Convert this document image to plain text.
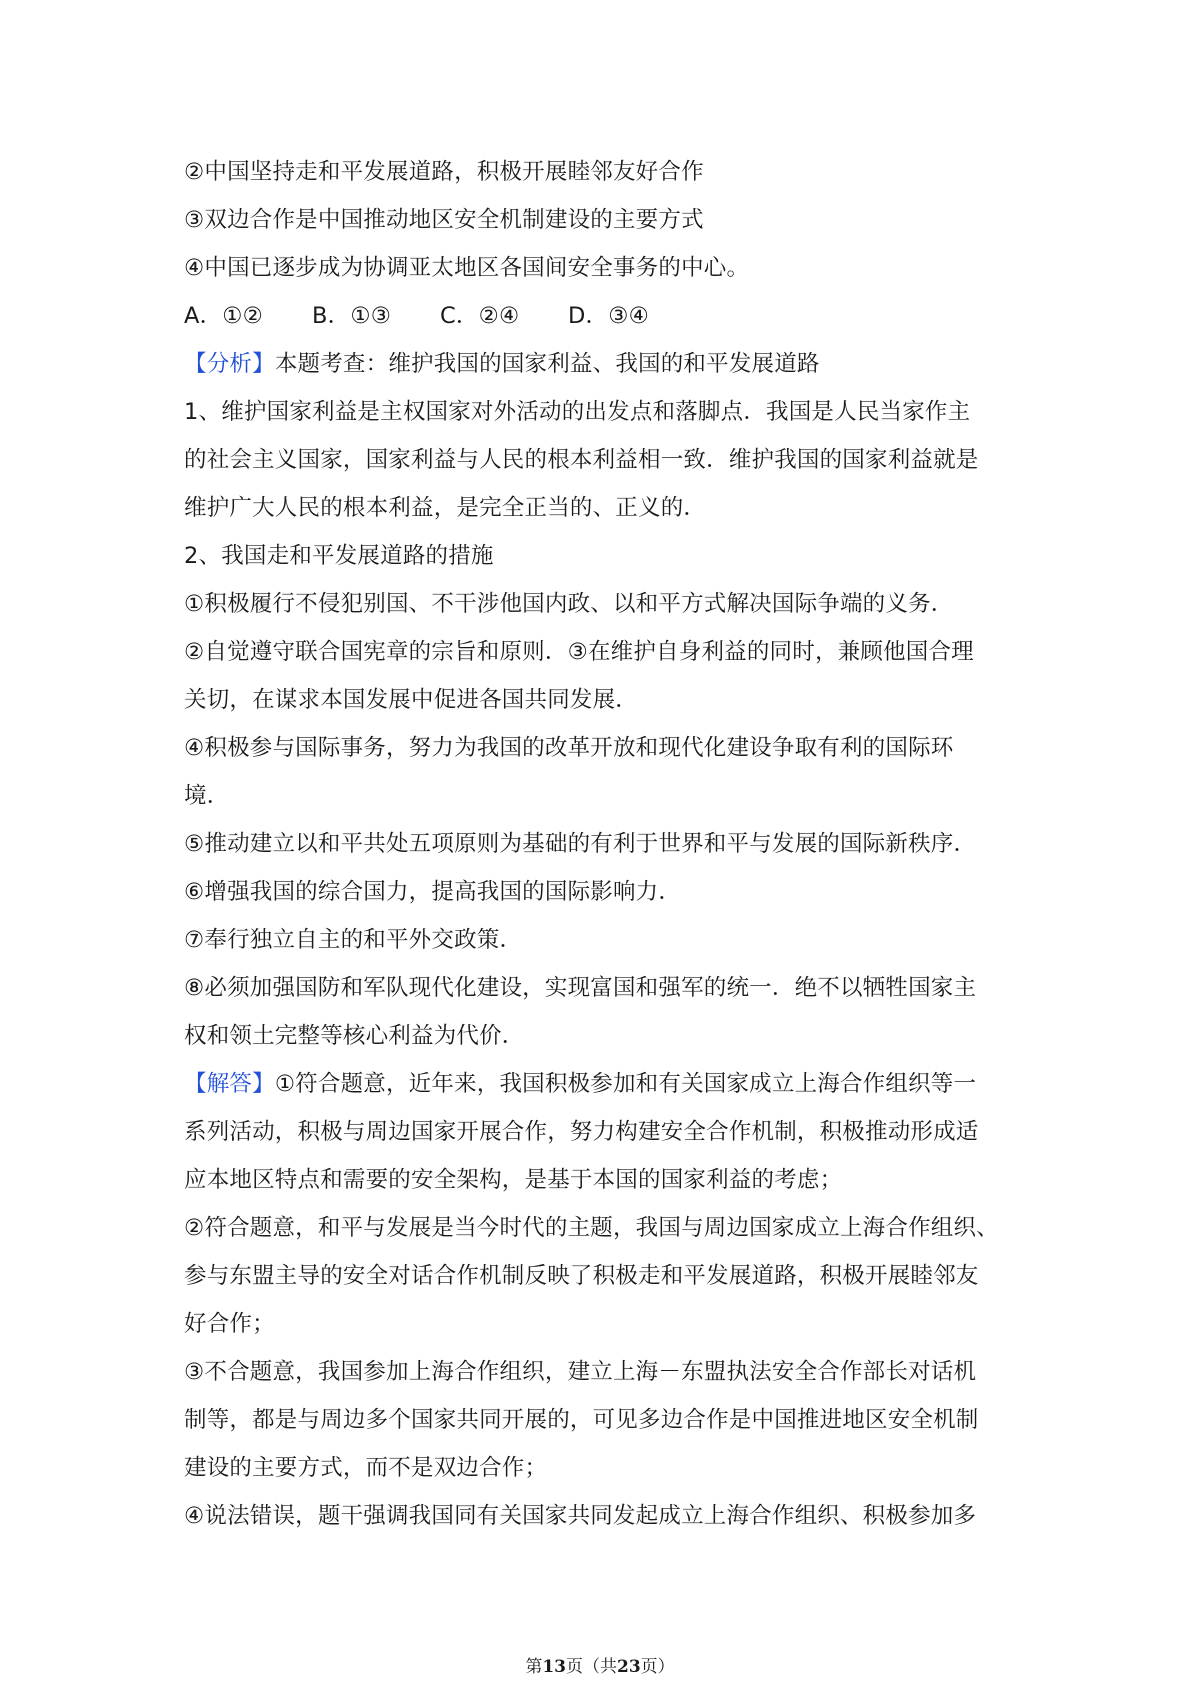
②中国坚持走和平发展道路，积极开展睦邻友好合作
③双边合作是中国推动地区安全机制建设的主要方式
④中国已逐步成为协调亚太地区各国间安全事务的中心。
A．①②	B．①③	C．②④	D．③④
【分析】本题考查：维护我国的国家利益、我国的和平发展道路
1、维护国家利益是主权国家对外活动的出发点和落脚点．我国是人民当家作主
的社会主义国家，国家利益与人民的根本利益相一致．维护我国的国家利益就是
维护广大人民的根本利益，是完全正当的、正义的．
2、我国走和平发展道路的措施
①积极履行不侵犯别国、不干涉他国内政、以和平方式解决国际争端的义务．
②自觉遵守联合国宪章的宗旨和原则．③在维护自身利益的同时，兼顾他国合理
关切，在谋求本国发展中促进各国共同发展．
④积极参与国际事务，努力为我国的改革开放和现代化建设争取有利的国际环
境．
⑤推动建立以和平共处五项原则为基础的有利于世界和平与发展的国际新秩序．
⑥增强我国的综合国力，提高我国的国际影响力．
⑦奉行独立自主的和平外交政策．
⑧必须加强国防和军队现代化建设，实现富国和强军的统一．绝不以牺牲国家主
权和领土完整等核心利益为代价．
【解答】①符合题意，近年来，我国积极参加和有关国家成立上海合作组织等一
系列活动，积极与周边国家开展合作，努力构建安全合作机制，积极推动形成适
应本地区特点和需要的安全架构，是基于本国的国家利益的考虑；
②符合题意，和平与发展是当今时代的主题，我国与周边国家成立上海合作组织、
参与东盟主导的安全对话合作机制反映了积极走和平发展道路，积极开展睦邻友
好合作；
③不合题意，我国参加上海合作组织，建立上海－东盟执法安全合作部长对话机
制等，都是与周边多个国家共同开展的，可见多边合作是中国推进地区安全机制
建设的主要方式，而不是双边合作；
④说法错误，题干强调我国同有关国家共同发起成立上海合作组织、积极参加多
第13页（共23页）
